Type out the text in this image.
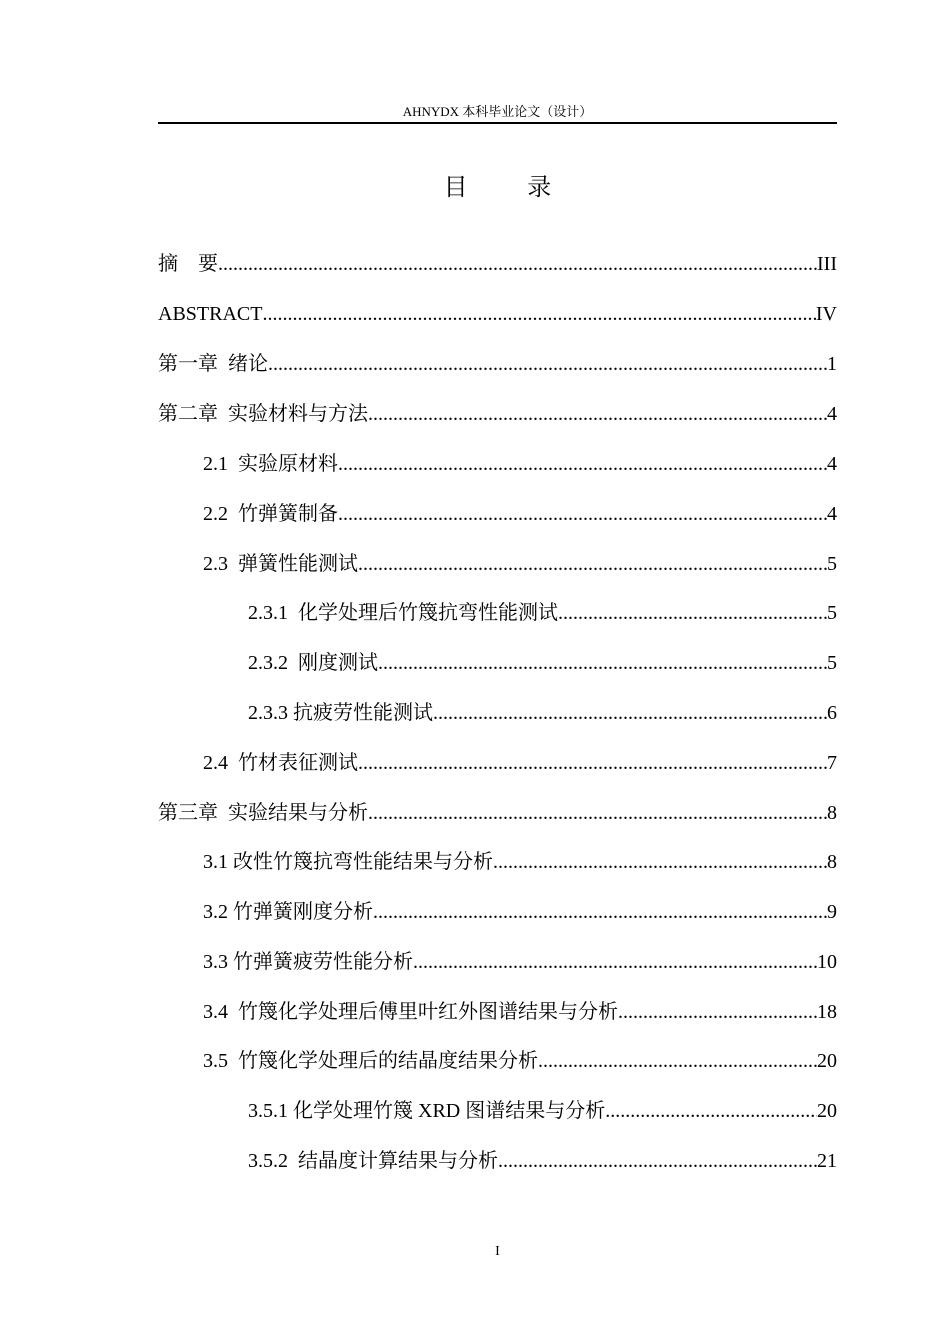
AHNYDX 本科毕业论文（设计）
目 录
摘    要 .....	III
ABSTRACT .....	IV
第一章  绪论 .....	1
第二章  实验材料与方法 .....	4
2.1  实验原材料 .....	4
2.2  竹弹簧制备 .....	4
2.3  弹簧性能测试 .....	5
2.3.1  化学处理后竹篾抗弯性能测试 .....	5
2.3.2  刚度测试 .....	5
2.3.3 抗疲劳性能测试 .....	6
2.4  竹材表征测试 .....	7
第三章  实验结果与分析 .....	8
3.1 改性竹篾抗弯性能结果与分析 .....	8
3.2 竹弹簧刚度分析 .....	9
3.3 竹弹簧疲劳性能分析 .....	10
3.4  竹篾化学处理后傅里叶红外图谱结果与分析 .....	18
3.5  竹篾化学处理后的结晶度结果分析 .....	20
3.5.1 化学处理竹篾 XRD 图谱结果与分析 .....	20
3.5.2  结晶度计算结果与分析 .....	21
I
